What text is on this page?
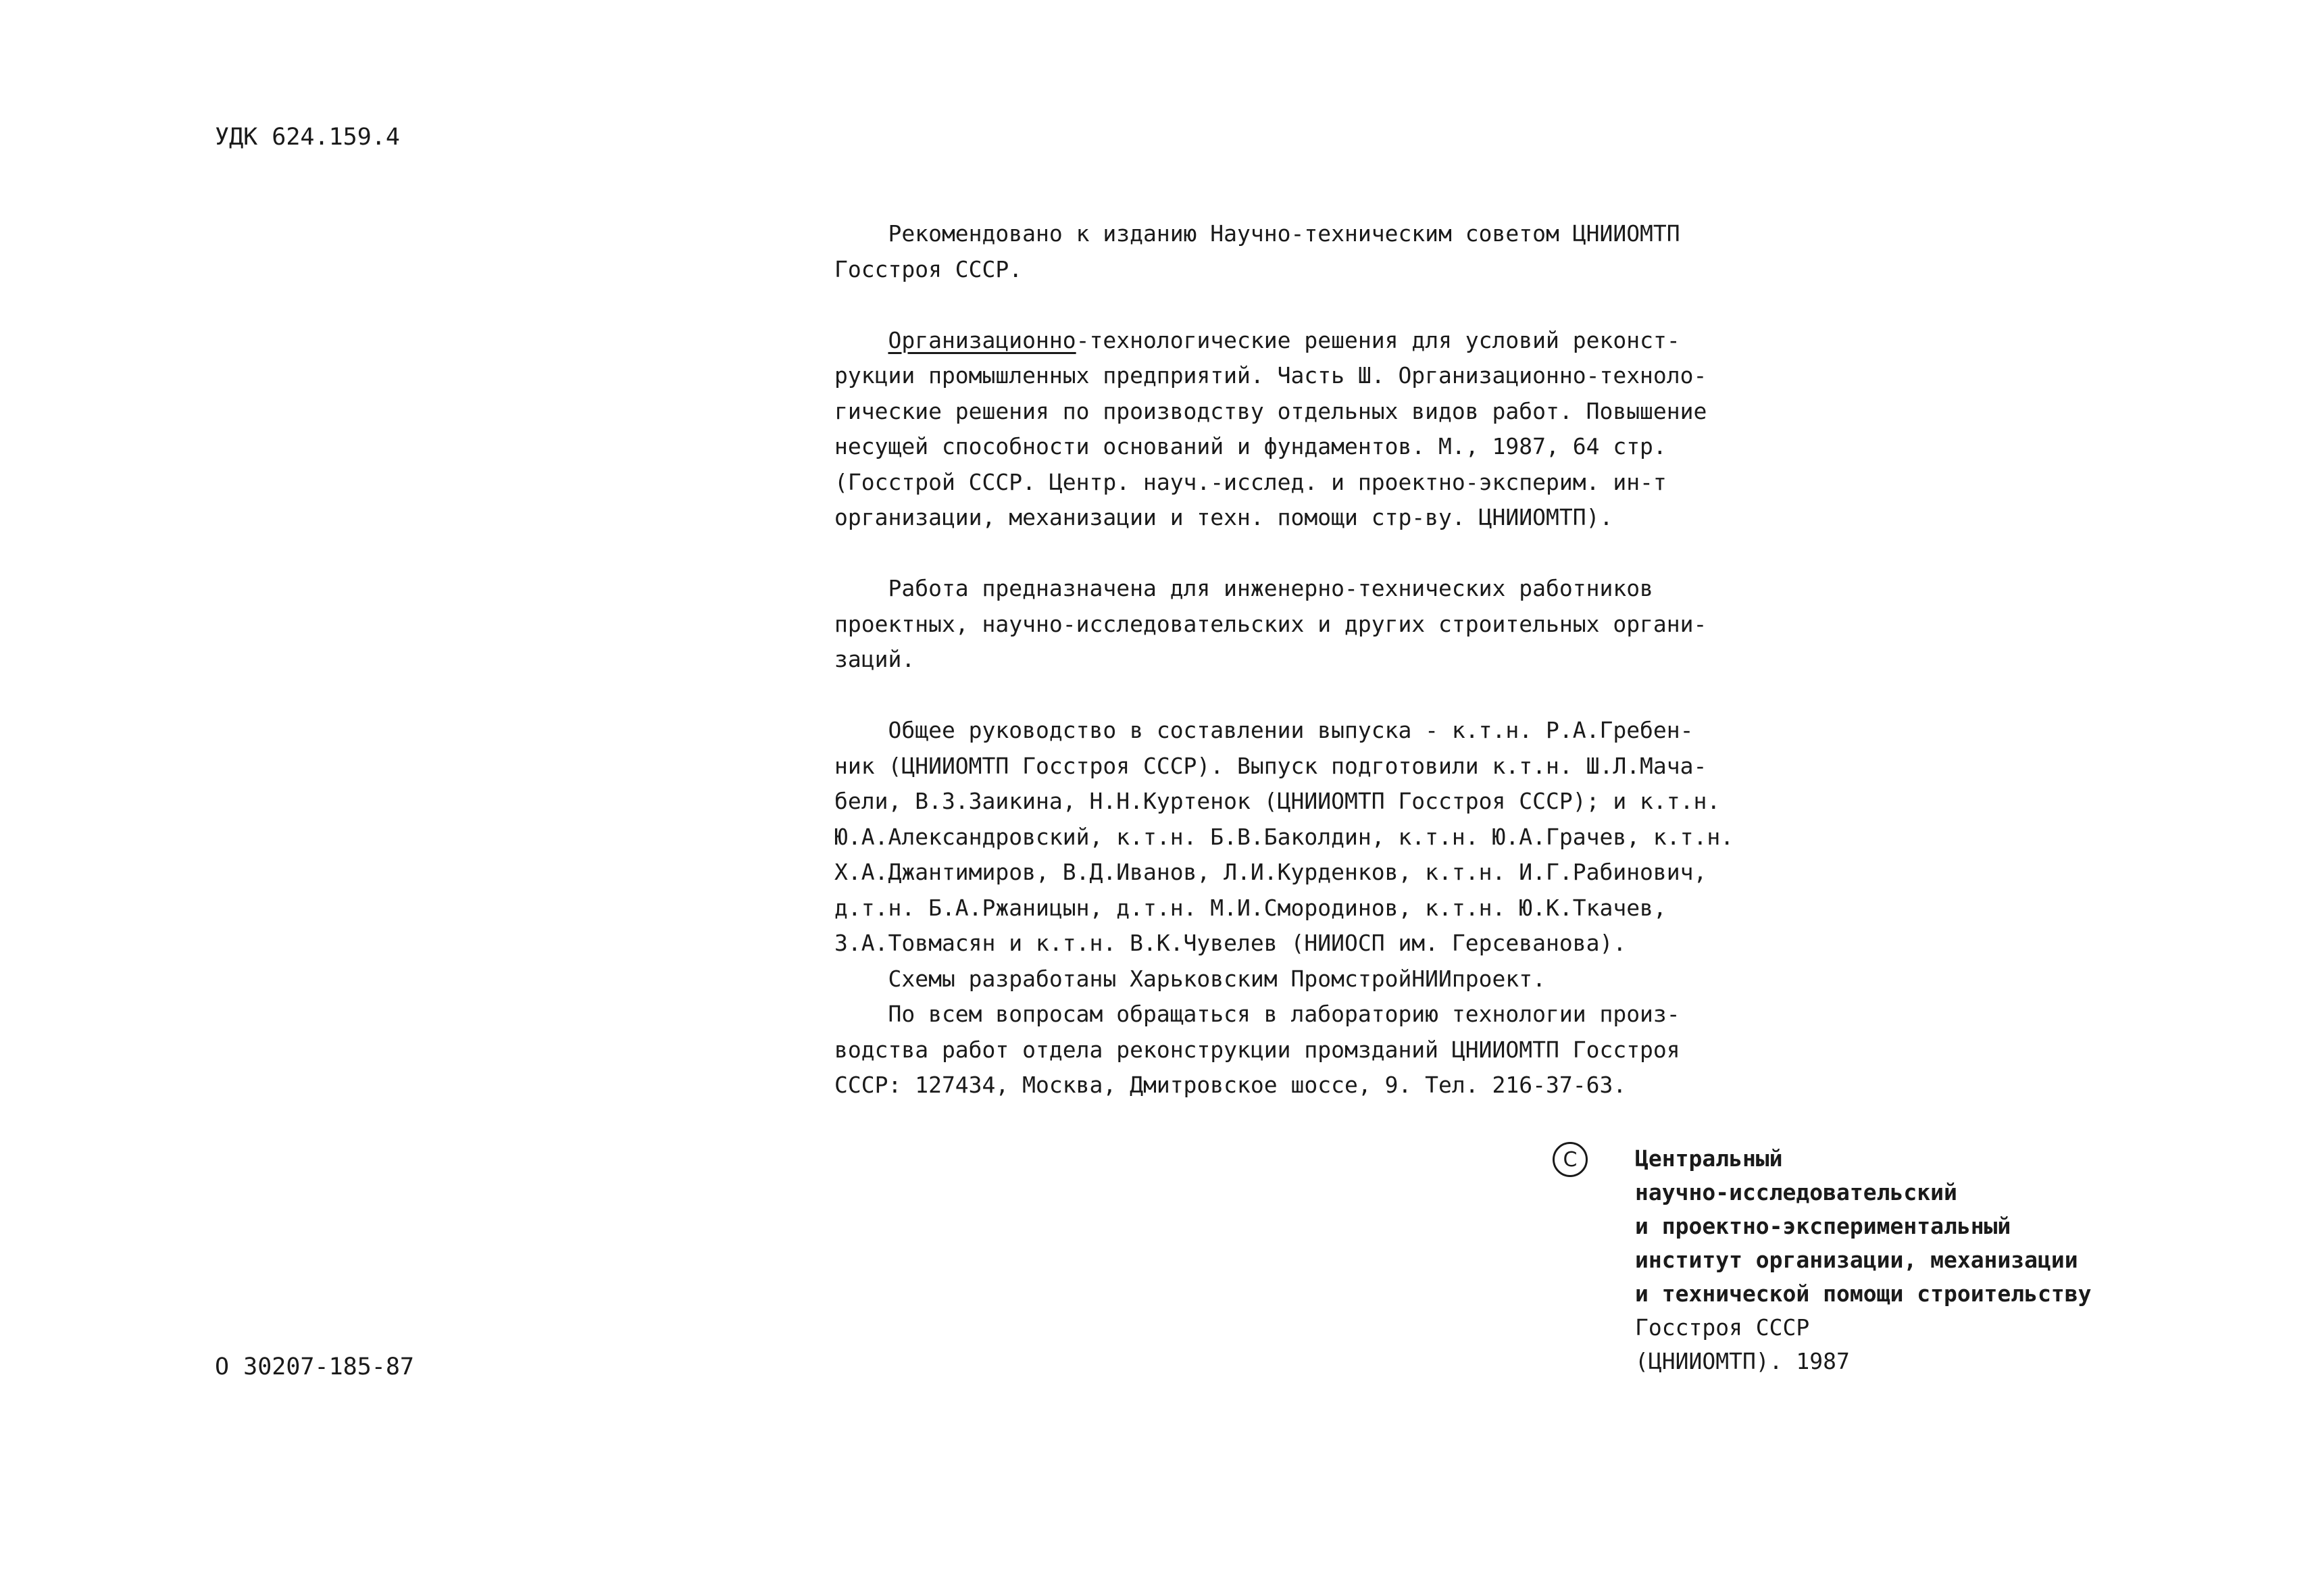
УДК 624.159.4
Рекомендовано к изданию Научно-техническим советом ЦНИИОМТП
Госстроя СССР.
Организационно-технологические решения для условий реконст-
рукции промышленных предприятий. Часть Ш. Организационно-техноло-
гические решения по производству отдельных видов работ. Повышение
несущей способности оснований и фундаментов. М., 1987, 64 стр.
(Госстрой СССР. Центр. науч.-исслед. и проектно-эксперим. ин-т
организации, механизации и техн. помощи стр-ву. ЦНИИОМТП).
Работа предназначена для инженерно-технических работников
проектных, научно-исследовательских и других строительных органи-
заций.
Общее руководство в составлении выпуска - к.т.н. Р.А.Гребен-
ник (ЦНИИОМТП Госстроя СССР). Выпуск подготовили к.т.н. Ш.Л.Мача-
бели, В.З.Заикина, Н.Н.Куртенок (ЦНИИОМТП Госстроя СССР); и к.т.н.
Ю.А.Александровский, к.т.н. Б.В.Баколдин, к.т.н. Ю.А.Грачев, к.т.н.
Х.А.Джантимиров, В.Д.Иванов, Л.И.Курденков, к.т.н. И.Г.Рабинович,
д.т.н. Б.А.Ржаницын, д.т.н. М.И.Смородинов, к.т.н. Ю.К.Ткачев,
З.А.Товмасян и к.т.н. В.К.Чувелев (НИИОСП им. Герсеванова).
Схемы разработаны Харьковским ПромстройНИИпроект.
По всем вопросам обращаться в лабораторию технологии произ-
водства работ отдела реконструкции промзданий ЦНИИОМТП Госстроя
СССР: 127434, Москва, Дмитровское шоссе, 9. Тел. 216-37-63.
C	Центральный
научно-исследовательский
и проектно-экспериментальный
институт организации, механизации
и технической помощи строительству
Госстроя СССР
(ЦНИИОМТП). 1987
О 30207-185-87
